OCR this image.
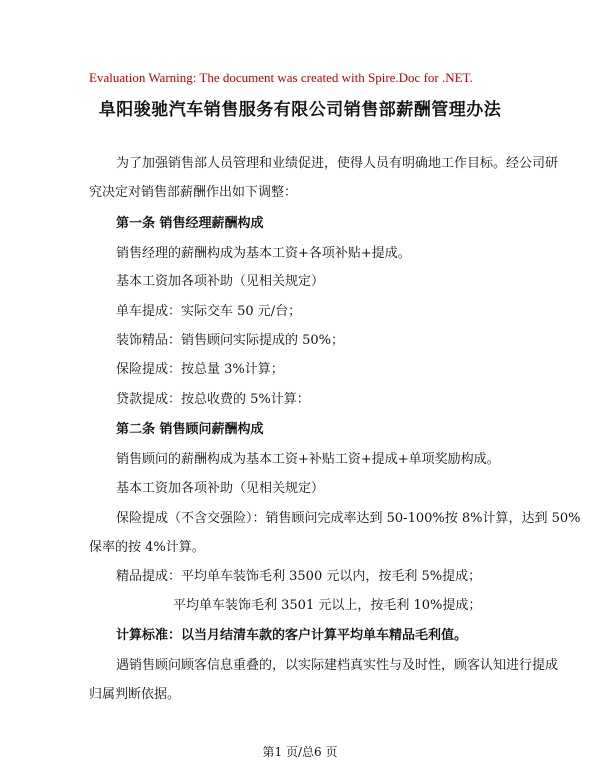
Evaluation Warning: The document was created with Spire.Doc for .NET.
阜阳骏驰汽车销售服务有限公司销售部薪酬管理办法
为了加强销售部人员管理和业绩促进，使得人员有明确地工作目标。经公司研
究决定对销售部薪酬作出如下调整：
第一条 销售经理薪酬构成
销售经理的薪酬构成为基本工资+各项补贴+提成。
基本工资加各项补助（见相关规定）
单车提成：实际交车 50 元/台；
装饰精品：销售顾问实际提成的 50%；
保险提成：按总量 3%计算；
贷款提成：按总收费的 5%计算：
第二条 销售顾问薪酬构成
销售顾问的薪酬构成为基本工资+补贴工资+提成+单项奖励构成。
基本工资加各项补助（见相关规定）
保险提成（不含交强险）：销售顾问完成率达到 50-100%按 8%计算，达到 50%
保率的按 4%计算。
精品提成：平均单车装饰毛利 3500 元以内，按毛利 5%提成；
平均单车装饰毛利 3501 元以上，按毛利 10%提成；
计算标准：以当月结清车款的客户计算平均单车精品毛利值。
遇销售顾问顾客信息重叠的，以实际建档真实性与及时性，顾客认知进行提成
归属判断依据。
第1 页/总6 页
